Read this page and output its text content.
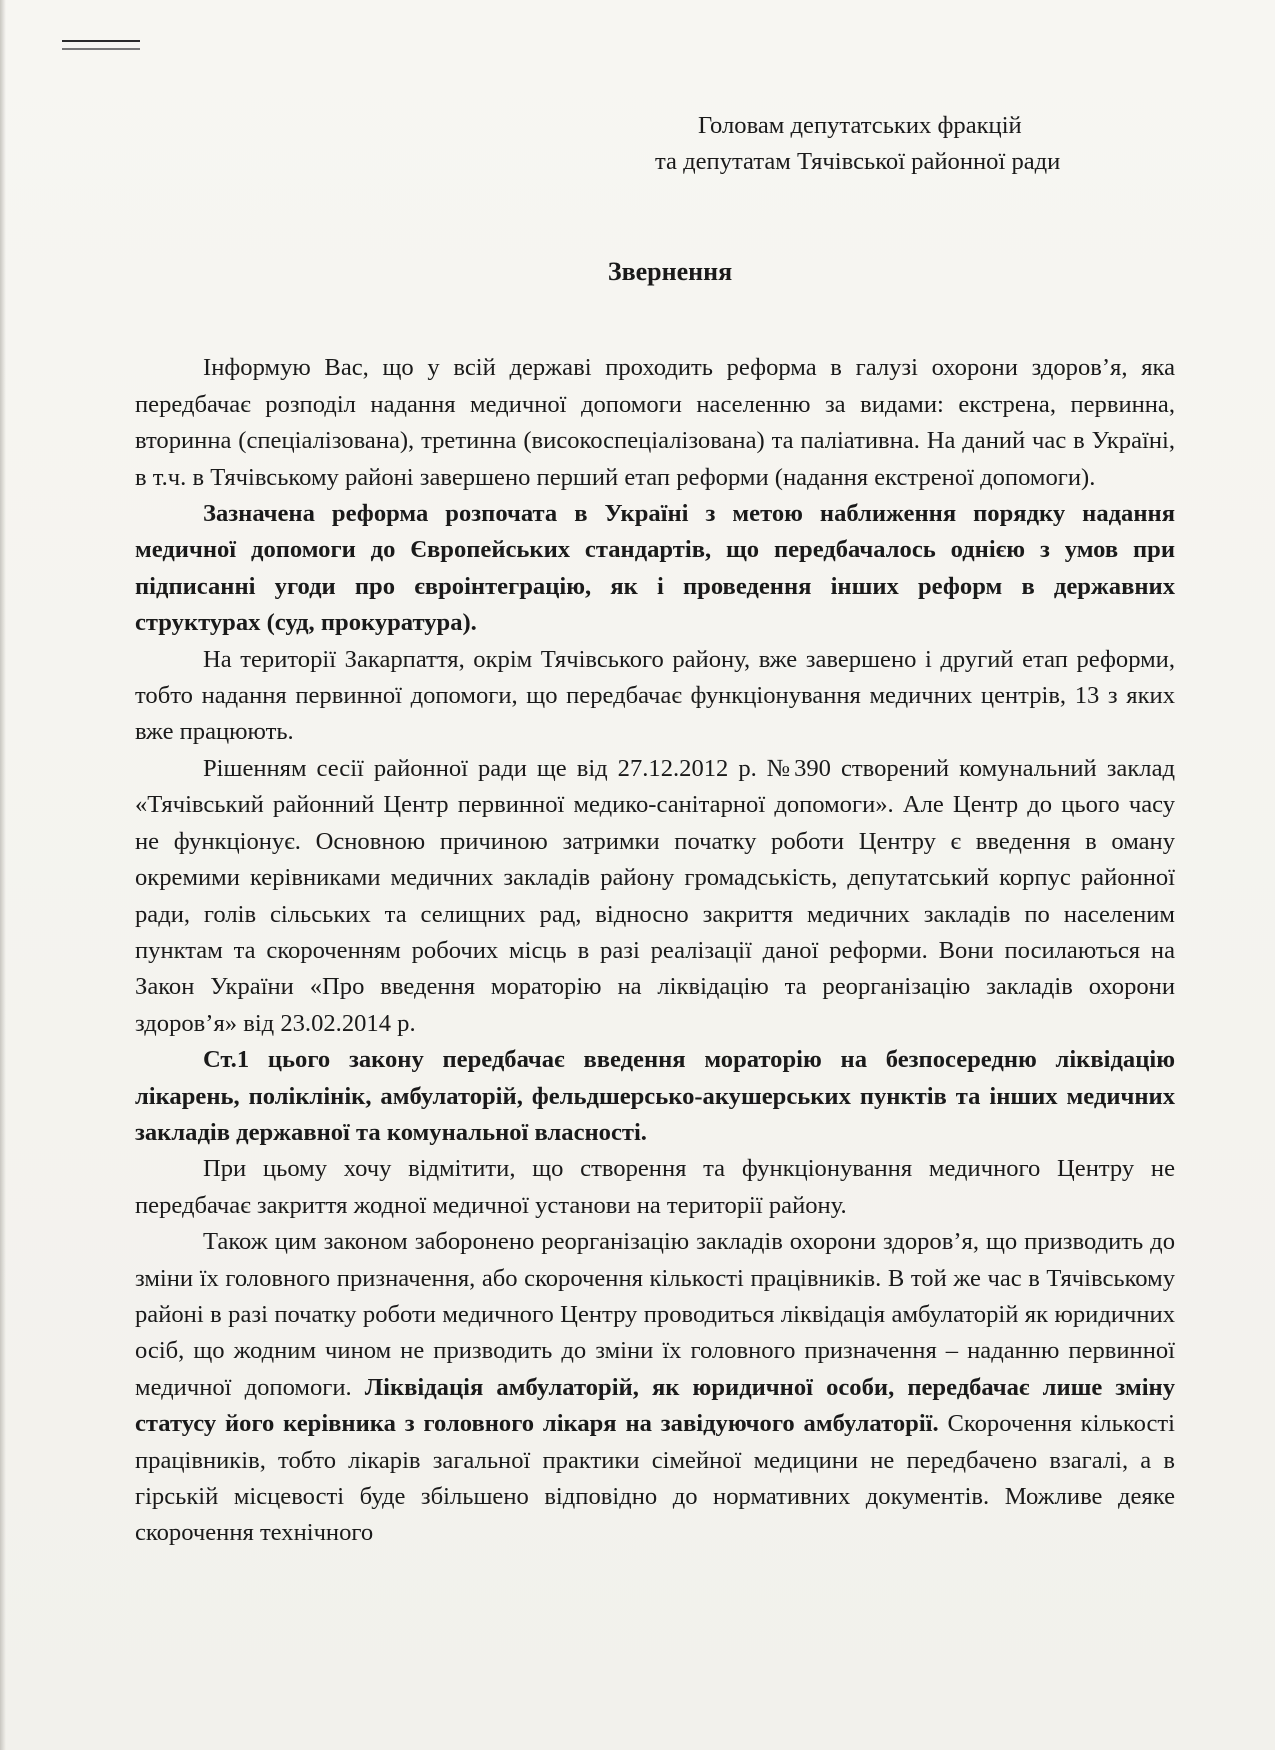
Головам депутатських фракцій
та депутатам Тячівської районної ради
Звернення

Інформую Вас, що у всій державі проходить реформа в галузі охорони здоров’я, яка передбачає розподіл надання медичної допомоги населенню за видами: екстрена, первинна, вторинна (спеціалізована), третинна (високоспеціалізована) та паліативна. На даний час в Україні, в т.ч. в Тячівському районі завершено перший етап реформи (надання екстреної допомоги).

Зазначена реформа розпочата в Україні з метою наближення порядку надання медичної допомоги до Європейських стандартів, що передбачалось однією з умов при підписанні угоди про євроінтеграцію, як і проведення інших реформ в державних структурах (суд, прокуратура).

На території Закарпаття, окрім Тячівського району, вже завершено і другий етап реформи, тобто надання первинної допомоги, що передбачає функціонування медичних центрів, 13 з яких вже працюють.

Рішенням сесії районної ради ще від 27.12.2012 р. №390 створений комунальний заклад «Тячівський районний Центр первинної медико-санітарної допомоги». Але Центр до цього часу не функціонує. Основною причиною затримки початку роботи Центру є введення в оману окремими керівниками медичних закладів району громадськість, депутатський корпус районної ради, голів сільських та селищних рад, відносно закриття медичних закладів по населеним пунктам та скороченням робочих місць в разі реалізації даної реформи. Вони посилаються на Закон України «Про введення мораторію на ліквідацію та реорганізацію закладів охорони здоров’я» від 23.02.2014 р.

Ст.1 цього закону передбачає введення мораторію на безпосередню ліквідацію лікарень, поліклінік, амбулаторій, фельдшерсько-акушерських пунктів та інших медичних закладів державної та комунальної власності.

При цьому хочу відмітити, що створення та функціонування медичного Центру не передбачає закриття жодної медичної установи на території району.

Також цим законом заборонено реорганізацію закладів охорони здоров’я, що призводить до зміни їх головного призначення, або скорочення кількості працівників. В той же час в Тячівському районі в разі початку роботи медичного Центру проводиться ліквідація амбулаторій як юридичних осіб, що жодним чином не призводить до зміни їх головного призначення – наданню первинної медичної допомоги. Ліквідація амбулаторій, як юридичної особи, передбачає лише зміну статусу його керівника з головного лікаря на завідуючого амбулаторії. Скорочення кількості працівників, тобто лікарів загальної практики сімейної медицини не передбачено взагалі, а в гірській місцевості буде збільшено відповідно до нормативних документів. Можливе деяке скорочення технічного
